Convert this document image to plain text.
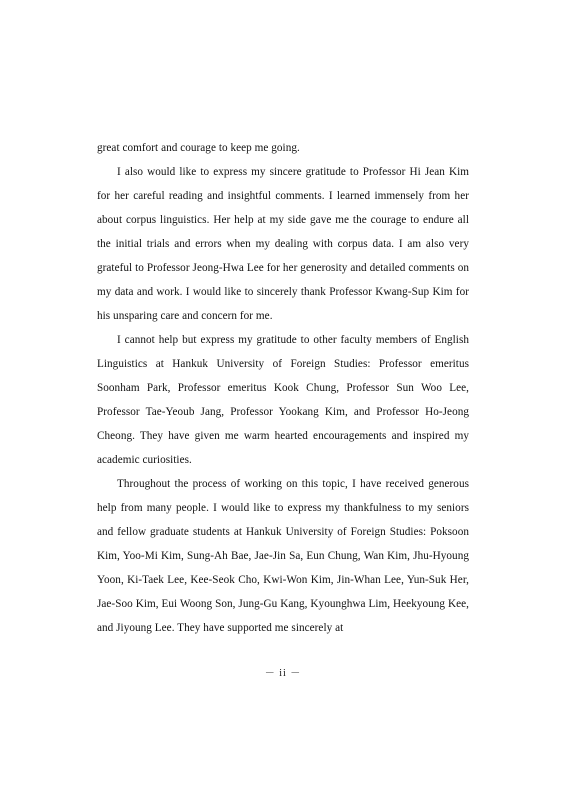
great comfort and courage to keep me going.

I also would like to express my sincere gratitude to Professor Hi Jean Kim for her careful reading and insightful comments. I learned immensely from her about corpus linguistics. Her help at my side gave me the courage to endure all the initial trials and errors when my dealing with corpus data. I am also very grateful to Professor Jeong-Hwa Lee for her generosity and detailed comments on my data and work. I would like to sincerely thank Professor Kwang-Sup Kim for his unsparing care and concern for me.

I cannot help but express my gratitude to other faculty members of English Linguistics at Hankuk University of Foreign Studies: Professor emeritus Soonham Park, Professor emeritus Kook Chung, Professor Sun Woo Lee, Professor Tae-Yeoub Jang, Professor Yookang Kim, and Professor Ho-Jeong Cheong. They have given me warm hearted encouragements and inspired my academic curiosities.

Throughout the process of working on this topic, I have received generous help from many people. I would like to express my thankfulness to my seniors and fellow graduate students at Hankuk University of Foreign Studies: Poksoon Kim, Yoo-Mi Kim, Sung-Ah Bae, Jae-Jin Sa, Eun Chung, Wan Kim, Jhu-Hyoung Yoon, Ki-Taek Lee, Kee-Seok Cho, Kwi-Won Kim, Jin-Whan Lee, Yun-Suk Her, Jae-Soo Kim, Eui Woong Son, Jung-Gu Kang, Kyounghwa Lim, Heekyoung Kee, and Jiyoung Lee. They have supported me sincerely at

－ ii －
